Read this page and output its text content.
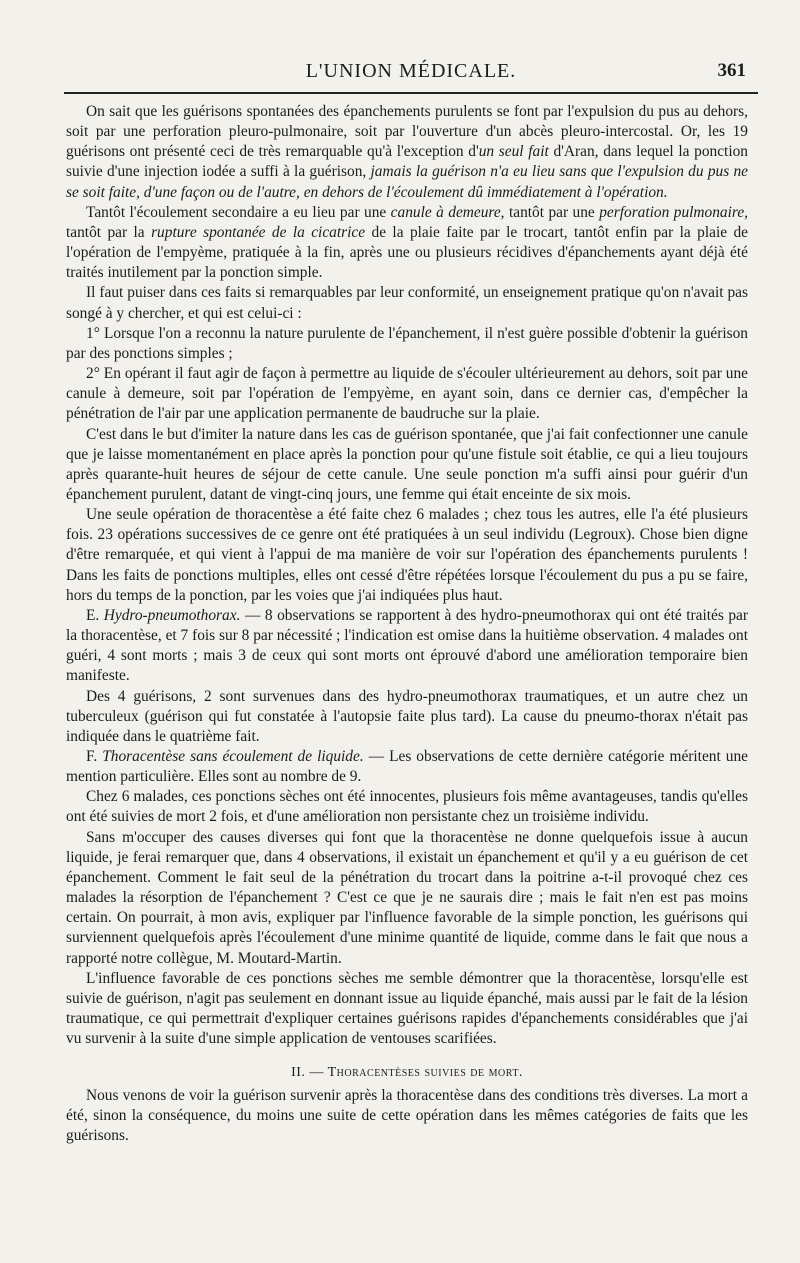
L'UNION MÉDICALE.	361

On sait que les guérisons spontanées des épanchements purulents se font par l'expulsion du pus au dehors, soit par une perforation pleuro-pulmonaire, soit par l'ouverture d'un abcès pleuro-intercostal. Or, les 19 guérisons ont présenté ceci de très remarquable qu'à l'exception d'un seul fait d'Aran, dans lequel la ponction suivie d'une injection iodée a suffi à la guérison, jamais la guérison n'a eu lieu sans que l'expulsion du pus ne se soit faite, d'une façon ou de l'autre, en dehors de l'écoulement dû immédiatement à l'opération.

Tantôt l'écoulement secondaire a eu lieu par une canule à demeure, tantôt par une perforation pulmonaire, tantôt par la rupture spontanée de la cicatrice de la plaie faite par le trocart, tantôt enfin par la plaie de l'opération de l'empyème, pratiquée à la fin, après une ou plusieurs récidives d'épanchements ayant déjà été traités inutilement par la ponction simple.

Il faut puiser dans ces faits si remarquables par leur conformité, un enseignement pratique qu'on n'avait pas songé à y chercher, et qui est celui-ci :

1° Lorsque l'on a reconnu la nature purulente de l'épanchement, il n'est guère possible d'obtenir la guérison par des ponctions simples ;

2° En opérant il faut agir de façon à permettre au liquide de s'écouler ultérieurement au dehors, soit par une canule à demeure, soit par l'opération de l'empyème, en ayant soin, dans ce dernier cas, d'empêcher la pénétration de l'air par une application permanente de baudruche sur la plaie.

C'est dans le but d'imiter la nature dans les cas de guérison spontanée, que j'ai fait confectionner une canule que je laisse momentanément en place après la ponction pour qu'une fistule soit établie, ce qui a lieu toujours après quarante-huit heures de séjour de cette canule. Une seule ponction m'a suffi ainsi pour guérir d'un épanchement purulent, datant de vingt-cinq jours, une femme qui était enceinte de six mois.

Une seule opération de thoracentèse a été faite chez 6 malades ; chez tous les autres, elle l'a été plusieurs fois. 23 opérations successives de ce genre ont été pratiquées à un seul individu (Legroux). Chose bien digne d'être remarquée, et qui vient à l'appui de ma manière de voir sur l'opération des épanchements purulents ! Dans les faits de ponctions multiples, elles ont cessé d'être répétées lorsque l'écoulement du pus a pu se faire, hors du temps de la ponction, par les voies que j'ai indiquées plus haut.

E. Hydro-pneumothorax. — 8 observations se rapportent à des hydro-pneumothorax qui ont été traités par la thoracentèse, et 7 fois sur 8 par nécessité ; l'indication est omise dans la huitième observation. 4 malades ont guéri, 4 sont morts ; mais 3 de ceux qui sont morts ont éprouvé d'abord une amélioration temporaire bien manifeste.

Des 4 guérisons, 2 sont survenues dans des hydro-pneumothorax traumatiques, et un autre chez un tuberculeux (guérison qui fut constatée à l'autopsie faite plus tard). La cause du pneumo-thorax n'était pas indiquée dans le quatrième fait.

F. Thoracentèse sans écoulement de liquide. — Les observations de cette dernière catégorie méritent une mention particulière. Elles sont au nombre de 9.

Chez 6 malades, ces ponctions sèches ont été innocentes, plusieurs fois même avantageuses, tandis qu'elles ont été suivies de mort 2 fois, et d'une amélioration non persistante chez un troisième individu.

Sans m'occuper des causes diverses qui font que la thoracentèse ne donne quelquefois issue à aucun liquide, je ferai remarquer que, dans 4 observations, il existait un épanchement et qu'il y a eu guérison de cet épanchement. Comment le fait seul de la pénétration du trocart dans la poitrine a-t-il provoqué chez ces malades la résorption de l'épanchement ? C'est ce que je ne saurais dire ; mais le fait n'en est pas moins certain. On pourrait, à mon avis, expliquer par l'influence favorable de la simple ponction, les guérisons qui surviennent quelquefois après l'écoulement d'une minime quantité de liquide, comme dans le fait que nous a rapporté notre collègue, M. Moutard-Martin.

L'influence favorable de ces ponctions sèches me semble démontrer que la thoracentèse, lorsqu'elle est suivie de guérison, n'agit pas seulement en donnant issue au liquide épanché, mais aussi par le fait de la lésion traumatique, ce qui permettrait d'expliquer certaines guérisons rapides d'épanchements considérables que j'ai vu survenir à la suite d'une simple application de ventouses scarifiées.

II. — Thoracentèses suivies de mort.

Nous venons de voir la guérison survenir après la thoracentèse dans des conditions très diverses. La mort a été, sinon la conséquence, du moins une suite de cette opération dans les mêmes catégories de faits que les guérisons.
